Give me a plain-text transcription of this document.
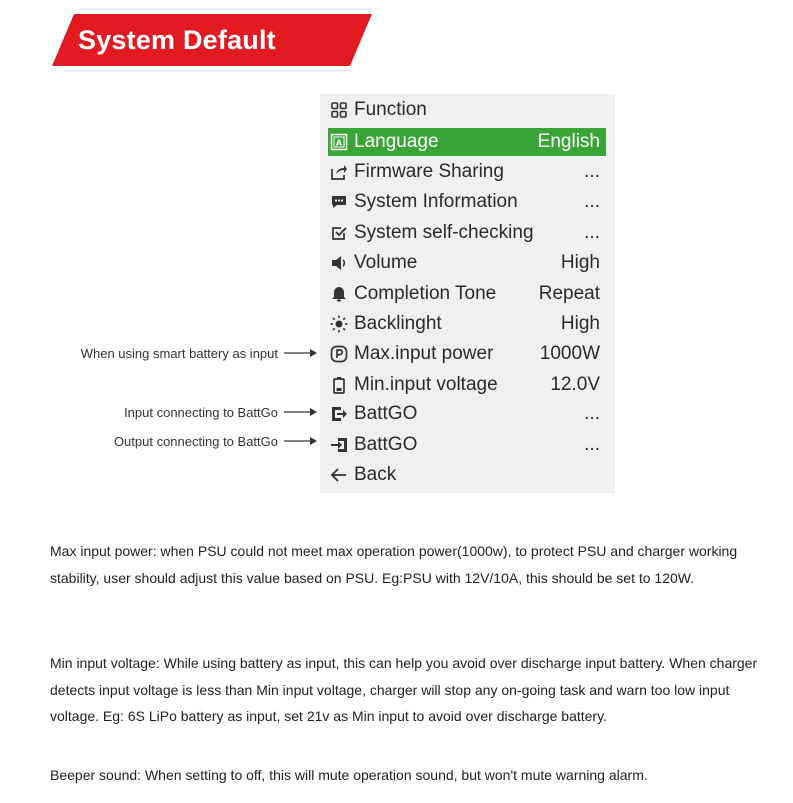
System Default
Function
A Language	English
Firmware Sharing	...
System Information	...
System self-checking	...
Volume	High
Completion Tone	Repeat
Backlinght	High
Max.input power	1000W
Min.input voltage	12.0V
BattGO	...
BattGO	...
Back
When using smart battery as input
Input connecting to BattGo
Output connecting to BattGo
Max input power: when PSU could not meet max operation power(1000w), to protect PSU and charger working stability, user should adjust this value based on PSU. Eg:PSU with 12V/10A, this should be set to 120W.
Min input voltage: While using battery as input, this can help you avoid over discharge input battery. When charger detects input voltage is less than Min input voltage, charger will stop any on-going task and warn too low input voltage. Eg: 6S LiPo battery as input, set 21v as Min input to avoid over discharge battery.
Beeper sound: When setting to off, this will mute operation sound, but won't mute warning alarm.
